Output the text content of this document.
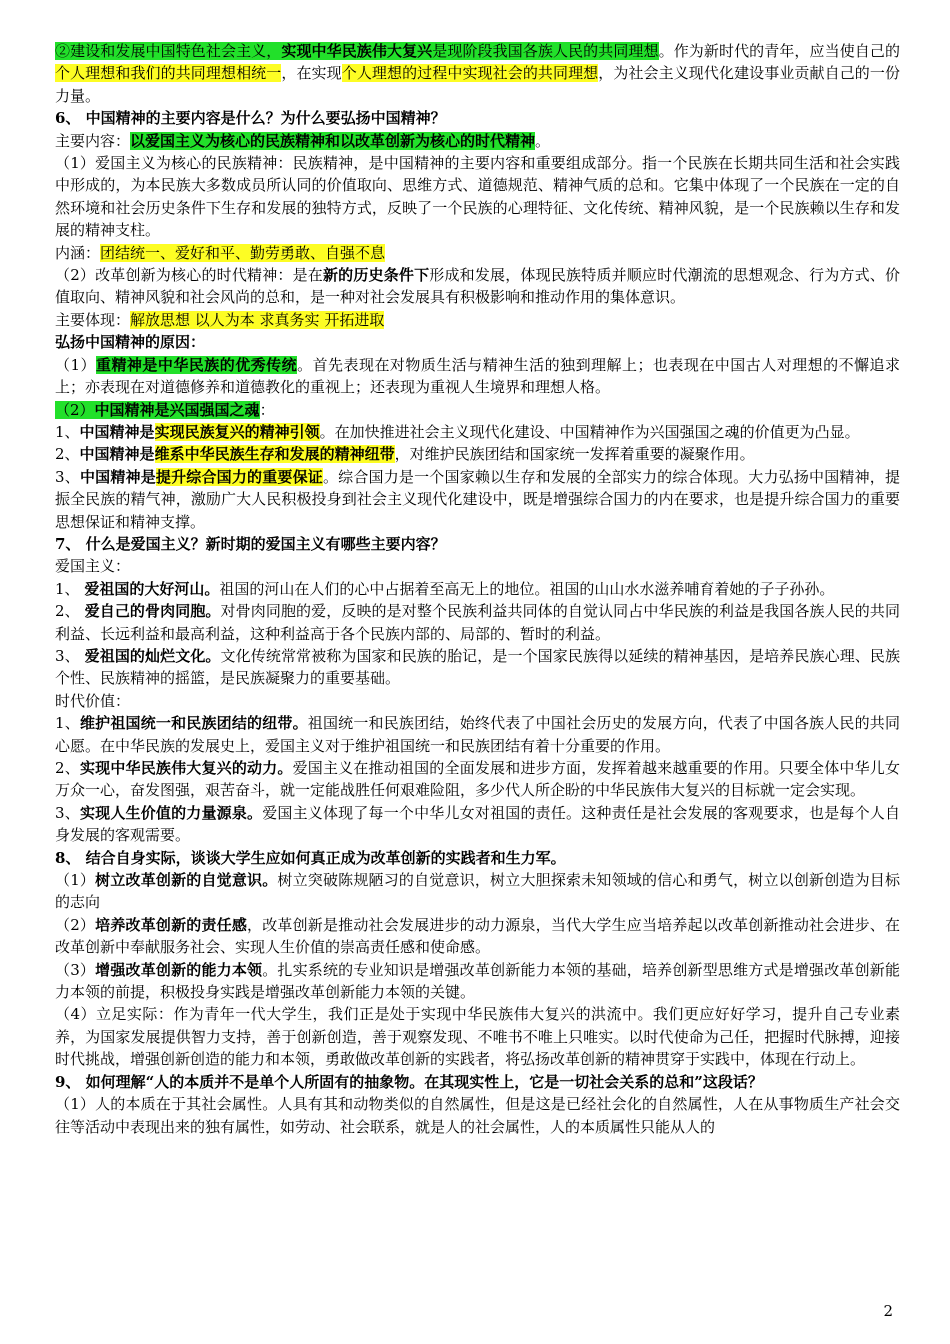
②建设和发展中国特色社会主义，实现中华民族伟大复兴是现阶段我国各族人民的共同理想。作为新时代的青年，应当使自己的个人理想和我们的共同理想相统一，在实现个人理想的过程中实现社会的共同理想，为社会主义现代化建设事业贡献自己的一份力量。

6、 中国精神的主要内容是什么？为什么要弘扬中国精神？

主要内容：以爱国主义为核心的民族精神和以改革创新为核心的时代精神。

（1）爱国主义为核心的民族精神：民族精神，是中国精神的主要内容和重要组成部分。指一个民族在长期共同生活和社会实践中形成的，为本民族大多数成员所认同的价值取向、思维方式、道德规范、精神气质的总和。它集中体现了一个民族在一定的自然环境和社会历史条件下生存和发展的独特方式，反映了一个民族的心理特征、文化传统、精神风貌，是一个民族赖以生存和发展的精神支柱。

内涵：团结统一、爱好和平、勤劳勇敢、自强不息

（2）改革创新为核心的时代精神：是在新的历史条件下形成和发展，体现民族特质并顺应时代潮流的思想观念、行为方式、价值取向、精神风貌和社会风尚的总和，是一种对社会发展具有积极影响和推动作用的集体意识。

主要体现：解放思想 以人为本 求真务实 开拓进取

弘扬中国精神的原因：

（1）重精神是中华民族的优秀传统。首先表现在对物质生活与精神生活的独到理解上；也表现在中国古人对理想的不懈追求上；亦表现在对道德修养和道德教化的重视上；还表现为重视人生境界和理想人格。

（2）中国精神是兴国强国之魂：

1、中国精神是实现民族复兴的精神引领。在加快推进社会主义现代化建设、中国精神作为兴国强国之魂的价值更为凸显。

2、中国精神是维系中华民族生存和发展的精神纽带，对维护民族团结和国家统一发挥着重要的凝聚作用。

3、中国精神是提升综合国力的重要保证。综合国力是一个国家赖以生存和发展的全部实力的综合体现。大力弘扬中国精神，提振全民族的精气神，激励广大人民积极投身到社会主义现代化建设中，既是增强综合国力的内在要求，也是提升综合国力的重要思想保证和精神支撑。

7、 什么是爱国主义？新时期的爱国主义有哪些主要内容？

爱国主义：

1、 爱祖国的大好河山。祖国的河山在人们的心中占据着至高无上的地位。祖国的山山水水滋养哺育着她的子子孙孙。

2、 爱自己的骨肉同胞。对骨肉同胞的爱，反映的是对整个民族利益共同体的自觉认同占中华民族的利益是我国各族人民的共同利益、长远利益和最高利益，这种利益高于各个民族内部的、局部的、暂时的利益。

3、 爱祖国的灿烂文化。文化传统常常被称为国家和民族的胎记，是一个国家民族得以延续的精神基因，是培养民族心理、民族个性、民族精神的摇篮，是民族凝聚力的重要基础。

时代价值：

1、维护祖国统一和民族团结的纽带。祖国统一和民族团结，始终代表了中国社会历史的发展方向，代表了中国各族人民的共同心愿。在中华民族的发展史上，爱国主义对于维护祖国统一和民族团结有着十分重要的作用。

2、实现中华民族伟大复兴的动力。爱国主义在推动祖国的全面发展和进步方面，发挥着越来越重要的作用。只要全体中华儿女万众一心，奋发图强，艰苦奋斗，就一定能战胜任何艰难险阻，多少代人所企盼的中华民族伟大复兴的目标就一定会实现。

3、实现人生价值的力量源泉。爱国主义体现了每一个中华儿女对祖国的责任。这种责任是社会发展的客观要求，也是每个人自身发展的客观需要。

8、 结合自身实际，谈谈大学生应如何真正成为改革创新的实践者和生力军。

（1）树立改革创新的自觉意识。树立突破陈规陋习的自觉意识，树立大胆探索未知领域的信心和勇气，树立以创新创造为目标的志向

（2）培养改革创新的责任感，改革创新是推动社会发展进步的动力源泉，当代大学生应当培养起以改革创新推动社会进步、在改革创新中奉献服务社会、实现人生价值的崇高责任感和使命感。

（3）增强改革创新的能力本领。扎实系统的专业知识是增强改革创新能力本领的基础，培养创新型思维方式是增强改革创新能力本领的前提，积极投身实践是增强改革创新能力本领的关键。

（4）立足实际：作为青年一代大学生，我们正是处于实现中华民族伟大复兴的洪流中。我们更应好好学习，提升自己专业素养，为国家发展提供智力支持，善于创新创造，善于观察发现、不唯书不唯上只唯实。以时代使命为己任，把握时代脉搏，迎接时代挑战，增强创新创造的能力和本领，勇敢做改革创新的实践者，将弘扬改革创新的精神贯穿于实践中，体现在行动上。

9、 如何理解“人的本质并不是单个人所固有的抽象物。在其现实性上，它是一切社会关系的总和”这段话？

（1）人的本质在于其社会属性。人具有其和动物类似的自然属性，但是这是已经社会化的自然属性，人在从事物质生产社会交往等活动中表现出来的独有属性，如劳动、社会联系，就是人的社会属性，人的本质属性只能从人的

2
